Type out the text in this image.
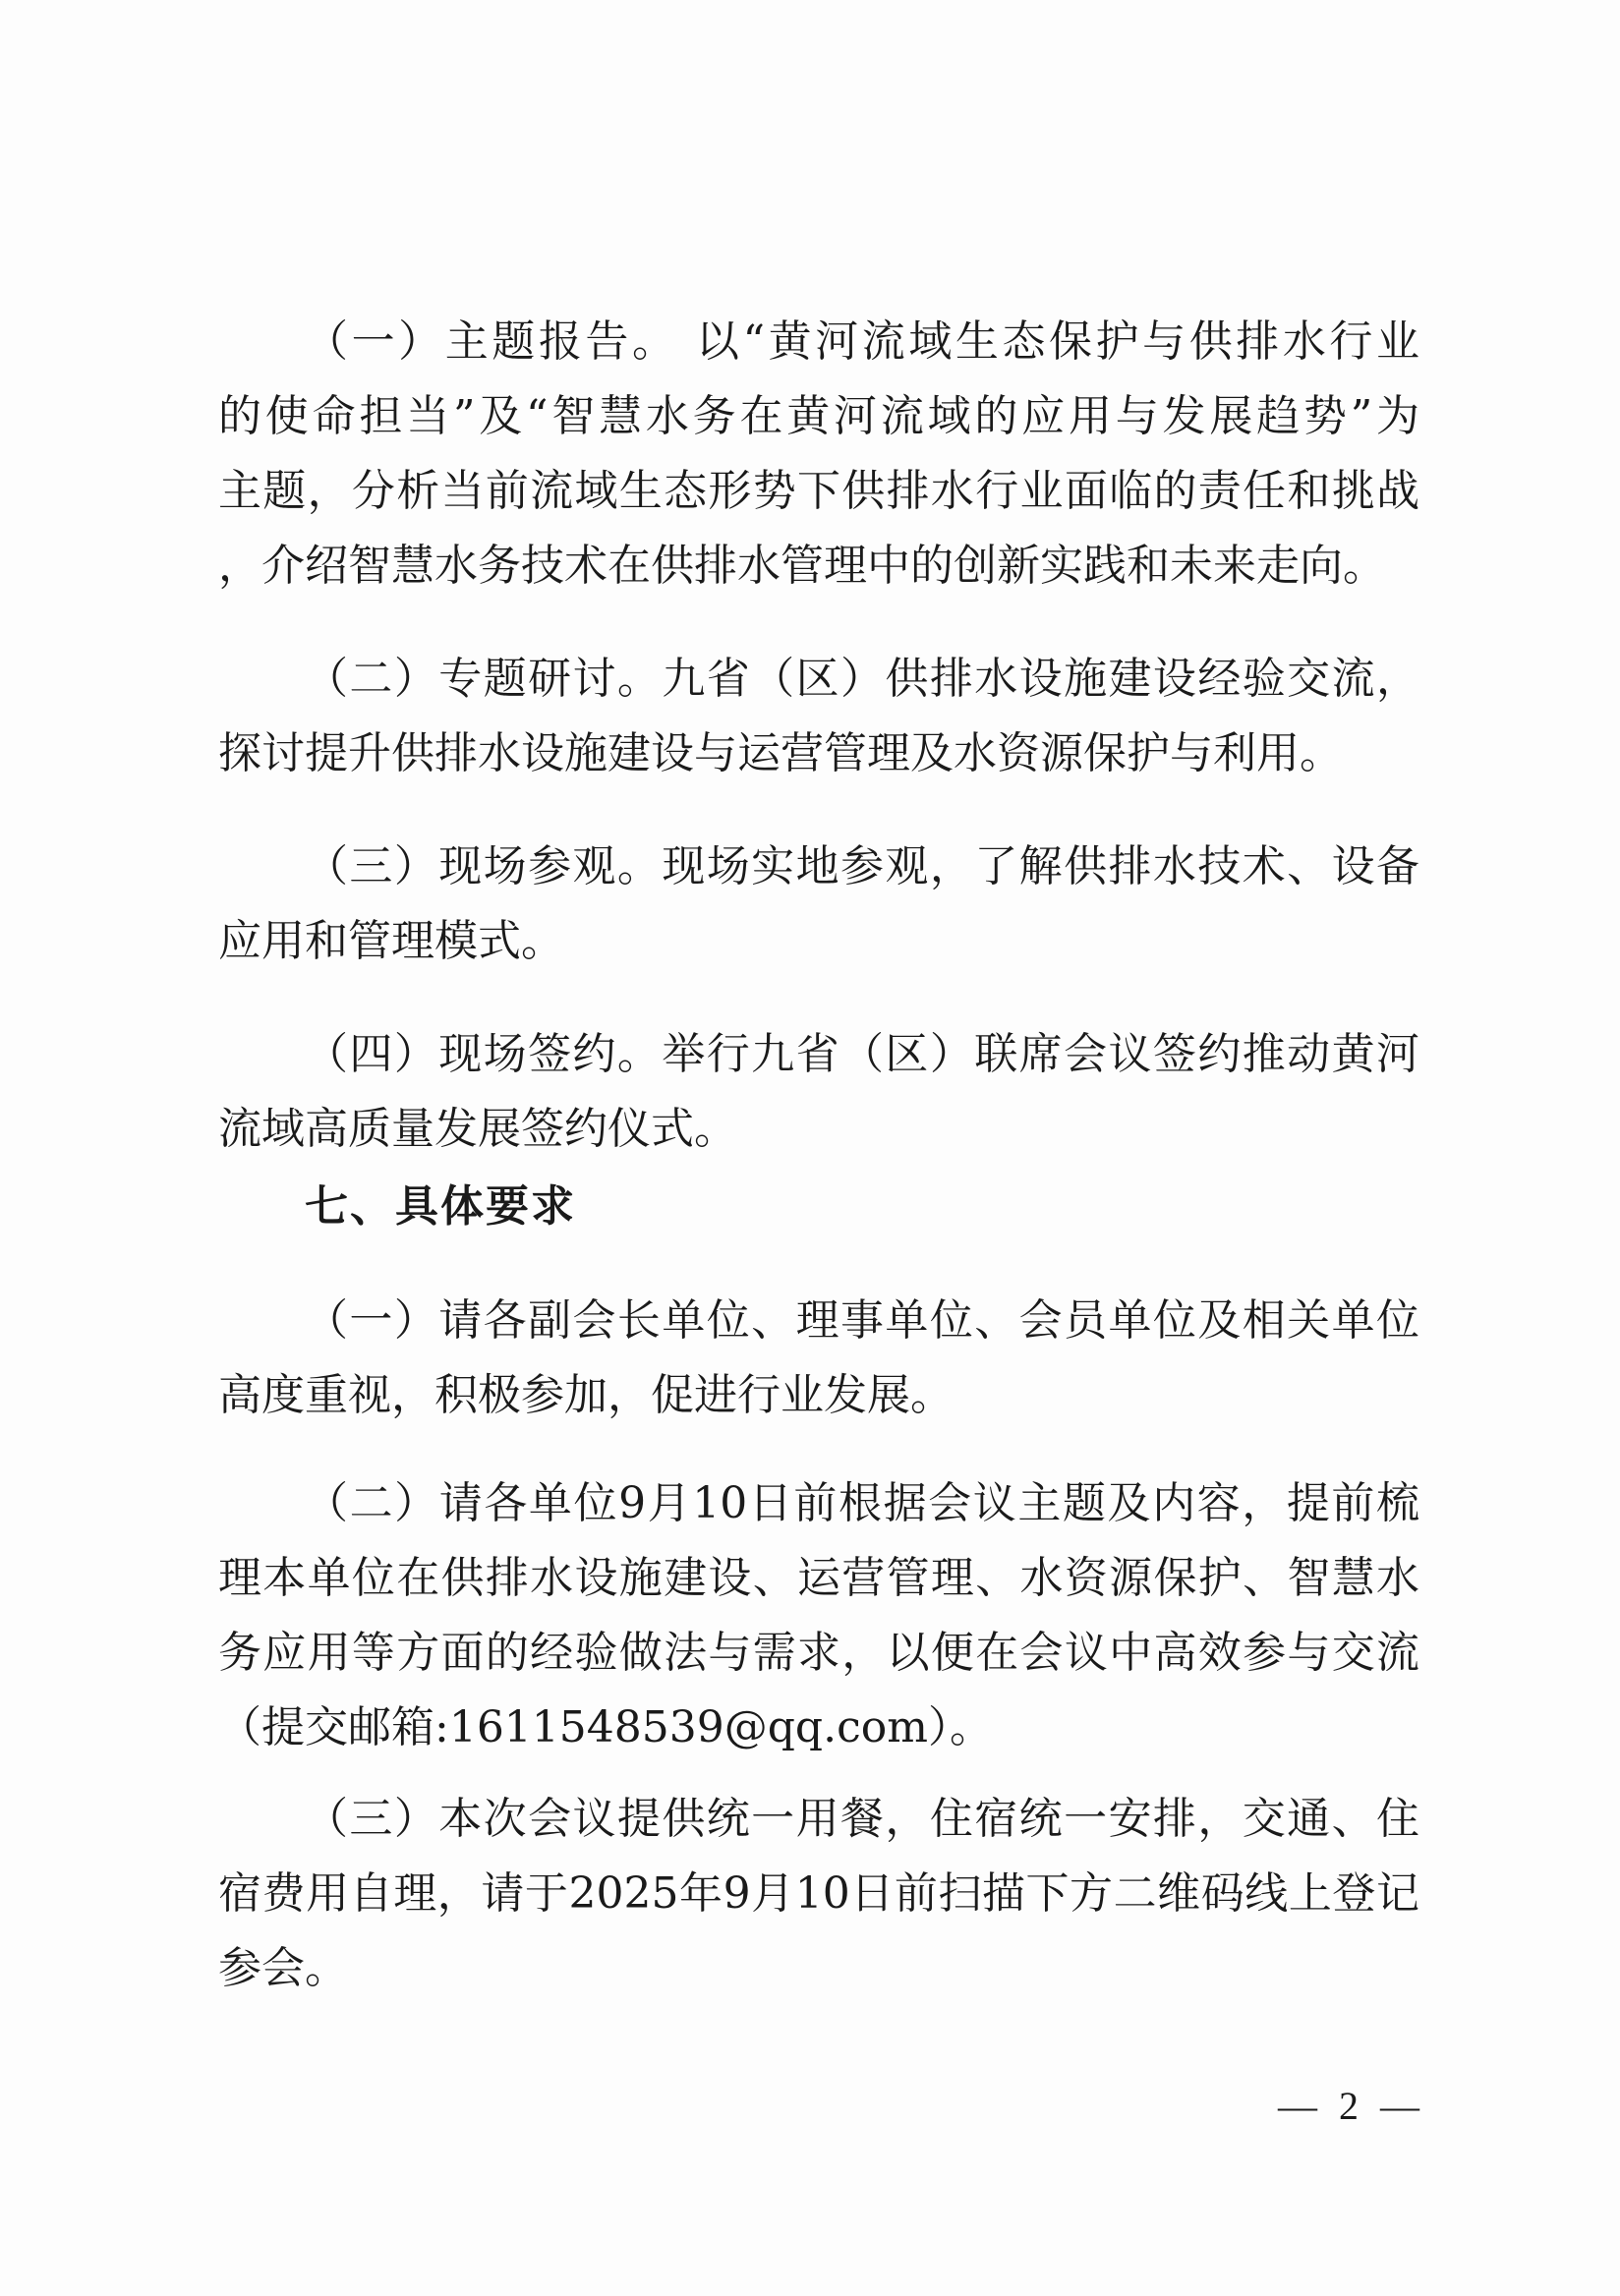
（一）主题报告。 以“黄河流域生态保护与供排水行业
的使命担当”及“智慧水务在黄河流域的应用与发展趋势”为
主题，分析当前流域生态形势下供排水行业面临的责任和挑战
，介绍智慧水务技术在供排水管理中的创新实践和未来走向。
（二）专题研讨。九省（区）供排水设施建设经验交流，
探讨提升供排水设施建设与运营管理及水资源保护与利用。
（三）现场参观。现场实地参观，了解供排水技术、设备
应用和管理模式。
（四）现场签约。举行九省（区）联席会议签约推动黄河
流域高质量发展签约仪式。
七、具体要求
（一）请各副会长单位、理事单位、会员单位及相关单位
高度重视，积极参加，促进行业发展。
（二）请各单位9月10日前根据会议主题及内容，提前梳
理本单位在供排水设施建设、运营管理、水资源保护、智慧水
务应用等方面的经验做法与需求，以便在会议中高效参与交流
（提交邮箱:1611548539@qq.com）。
（三）本次会议提供统一用餐，住宿统一安排，交通、住
宿费用自理，请于2025年9月10日前扫描下方二维码线上登记
参会。
— 2 —
